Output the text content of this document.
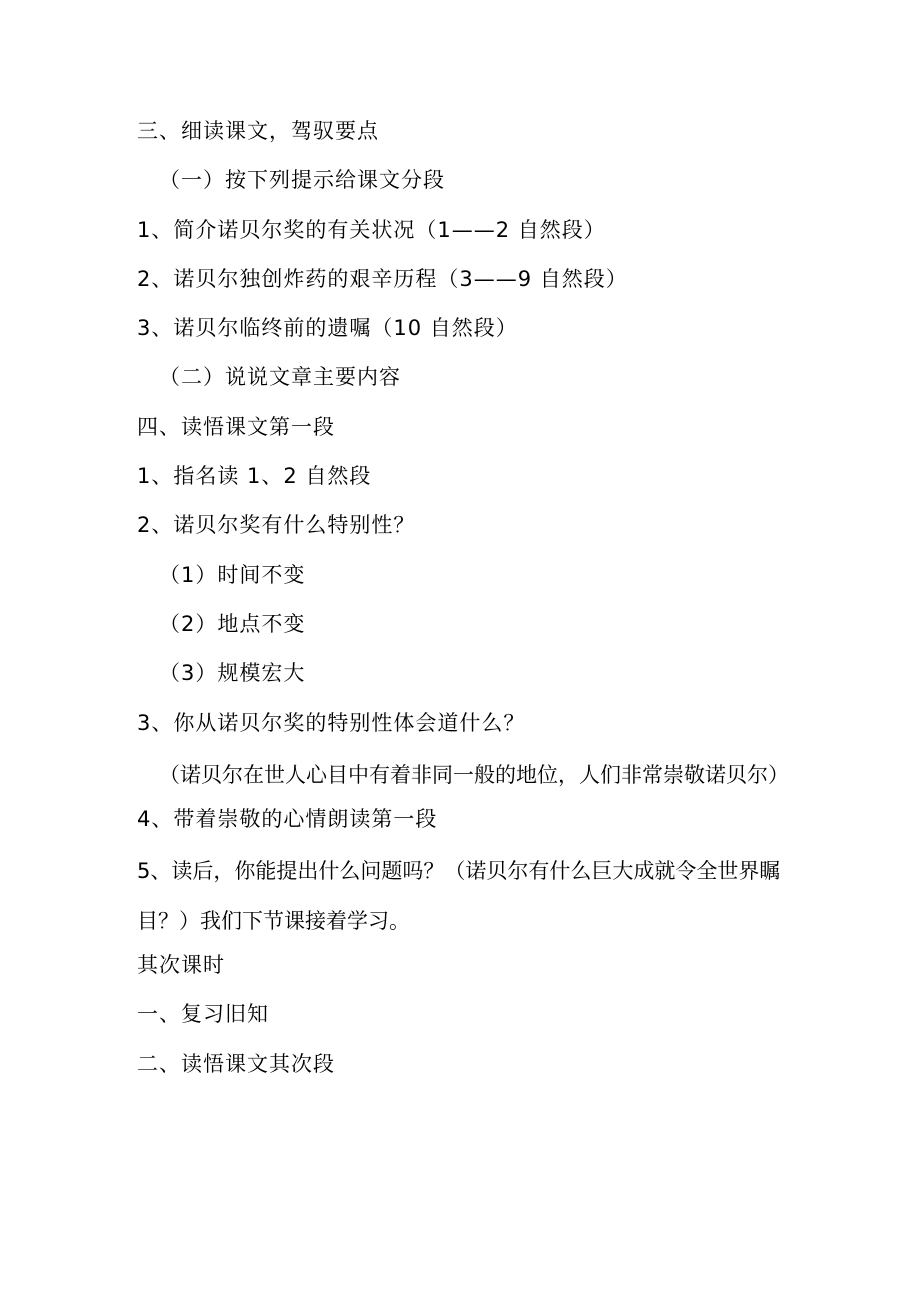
三、细读课文，驾驭要点
（一）按下列提示给课文分段
1、简介诺贝尔奖的有关状况（1——2 自然段）
2、诺贝尔独创炸药的艰辛历程（3——9 自然段）
3、诺贝尔临终前的遗嘱（10 自然段）
（二）说说文章主要内容
四、读悟课文第一段
1、指名读 1、2 自然段
2、诺贝尔奖有什么特别性？
（1）时间不变
（2）地点不变
（3）规模宏大
3、你从诺贝尔奖的特别性体会道什么？
（诺贝尔在世人心目中有着非同一般的地位，人们非常崇敬诺贝尔）
4、带着崇敬的心情朗读第一段
5、读后，你能提出什么问题吗？（诺贝尔有什么巨大成就令全世界瞩目？）我们下节课接着学习。
其次课时
一、复习旧知
二、读悟课文其次段
